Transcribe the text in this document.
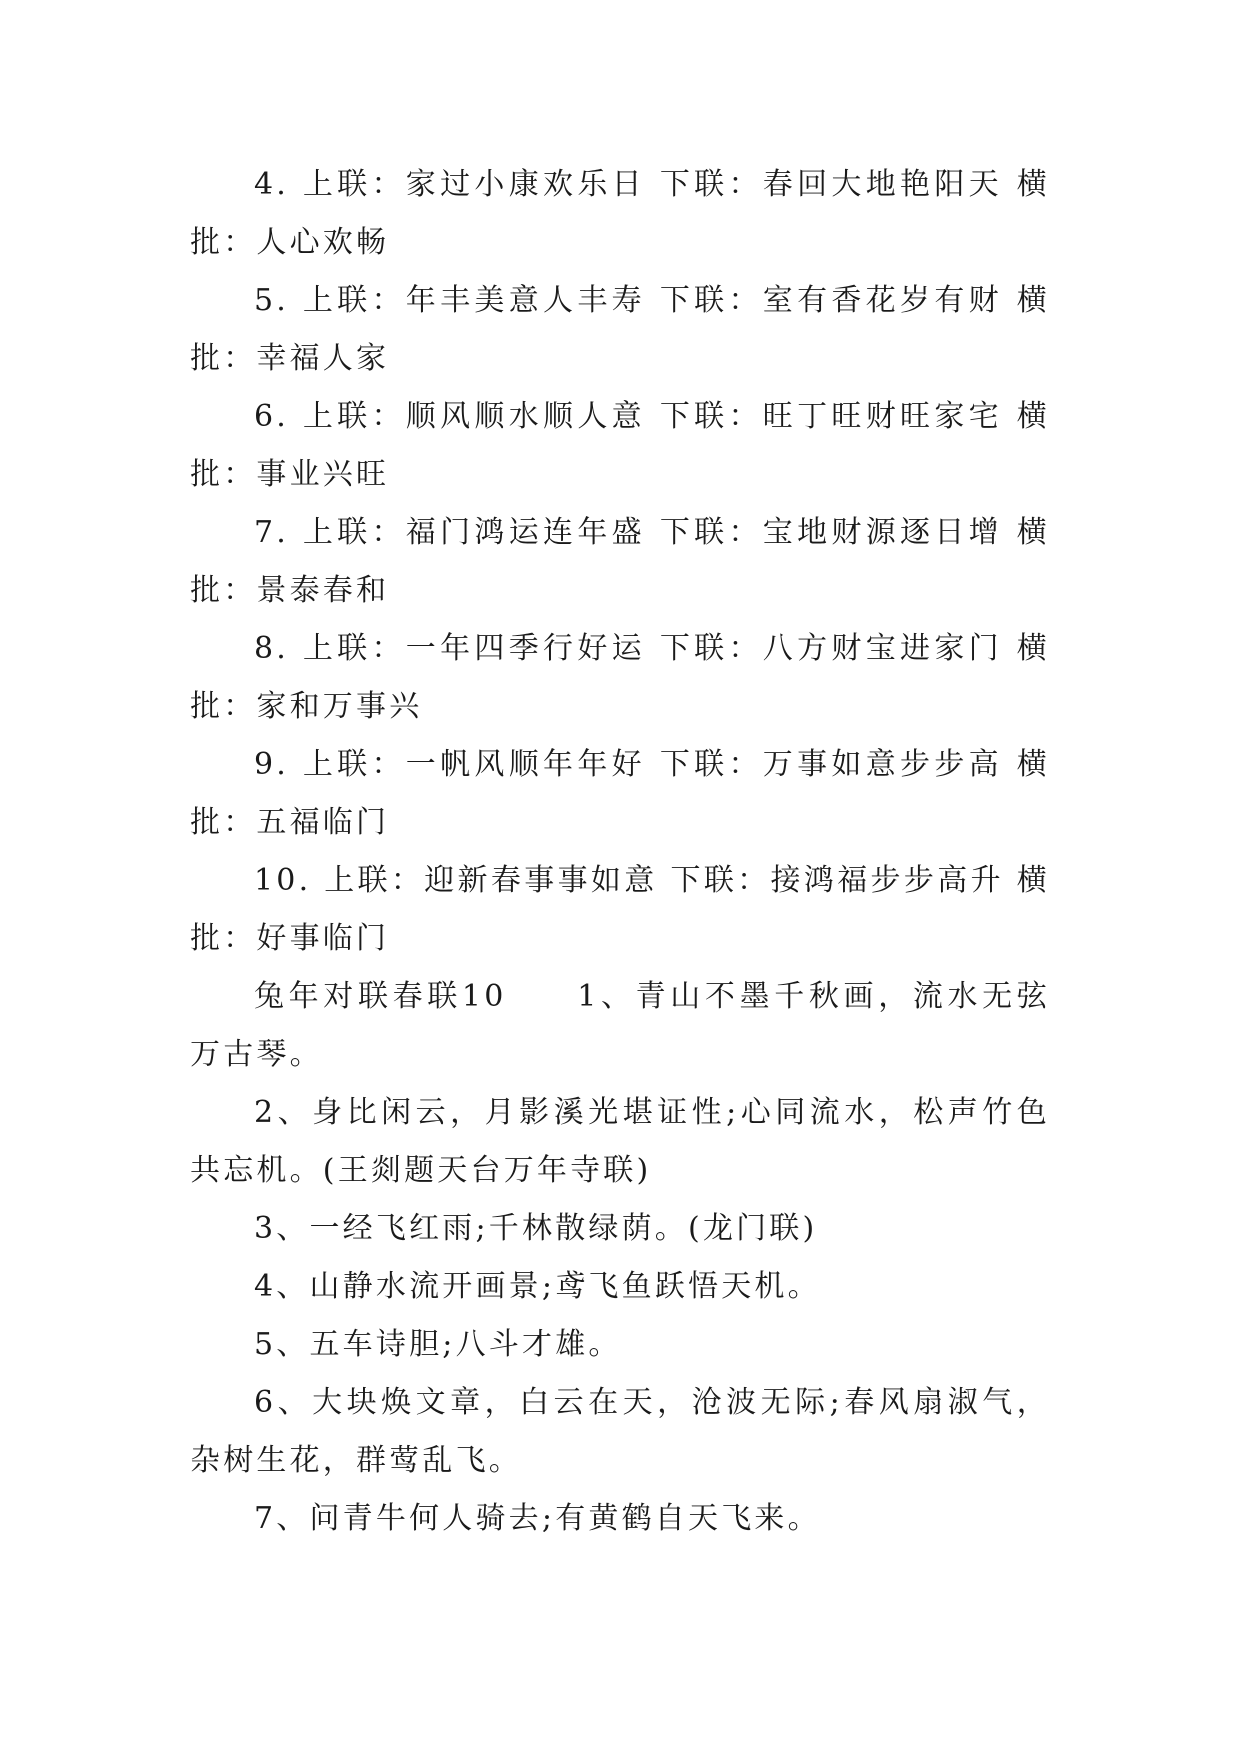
4. 上联：家过小康欢乐日 下联：春回大地艳阳天 横批：人心欢畅

5. 上联：年丰美意人丰寿 下联：室有香花岁有财 横批：幸福人家

6. 上联：顺风顺水顺人意 下联：旺丁旺财旺家宅 横批：事业兴旺

7. 上联：福门鸿运连年盛 下联：宝地财源逐日增 横批：景泰春和

8. 上联：一年四季行好运 下联：八方财宝进家门 横批：家和万事兴

9. 上联：一帆风顺年年好 下联：万事如意步步高 横批：五福临门

10. 上联：迎新春事事如意 下联：接鸿福步步高升 横批：好事临门

兔年对联春联10　　1、青山不墨千秋画，流水无弦万古琴。

2、身比闲云，月影溪光堪证性;心同流水，松声竹色共忘机。(王剡题天台万年寺联)

3、一经飞红雨;千林散绿荫。(龙门联)

4、山静水流开画景;鸢飞鱼跃悟天机。

5、五车诗胆;八斗才雄。

6、大块焕文章，白云在天，沧波无际;春风扇淑气，杂树生花，群莺乱飞。

7、问青牛何人骑去;有黄鹤自天飞来。
